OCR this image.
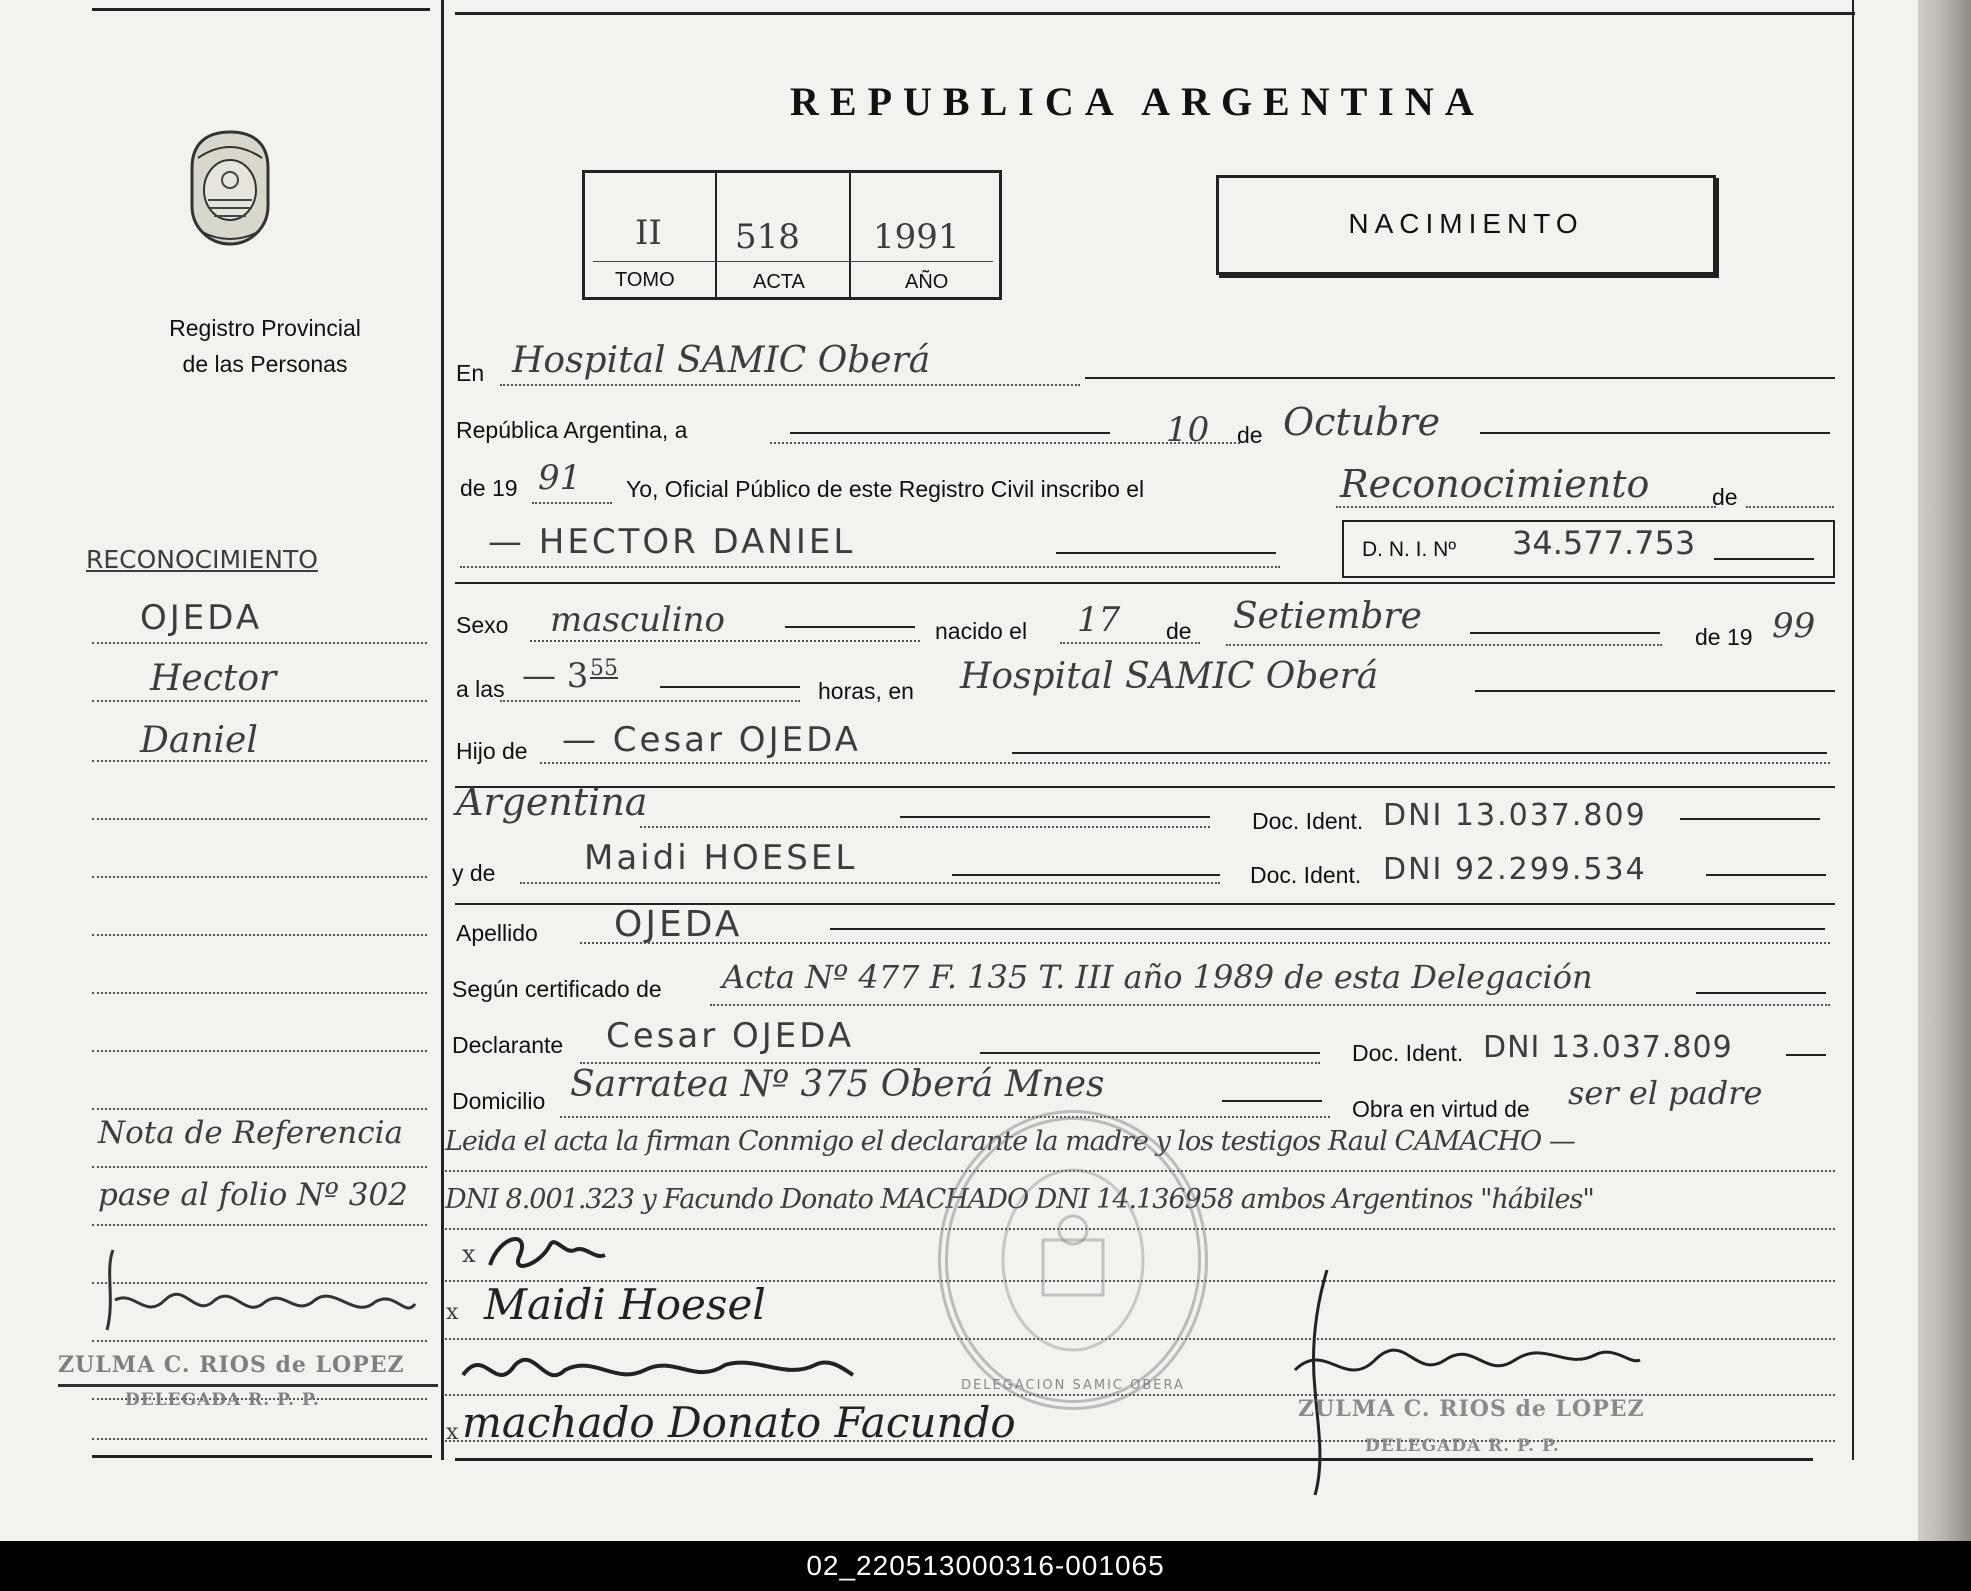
Registro Provincial
de las Personas
REPUBLICA ARGENTINA
II 518 1991
TOMO	ACTA	AÑO
NACIMIENTO
RECONOCIMIENTO
OJEDA
Hector
Daniel
Nota de Referencia
pase al folio Nº 302
ZULMA C. RIOS de LOPEZ
DELEGADA R. P. P.
En Hospital SAMIC Oberá
República Argentina, a	10 de Octubre
de 19 91 Yo, Oficial Público de este Registro Civil inscribo el	Reconocimiento	de
— HECTOR DANIEL	D. N. I. Nº 34.577.753
Sexo masculino	nacido el 17 de Setiembre	de 19 99
a las — 3 55
horas, en Hospital SAMIC Oberá
Hijo de — Cesar OJEDA
Argentina	Doc. Ident. DNI 13.037.809
y de	Maidi HOESEL	Doc. Ident. DNI 92.299.534
Apellido OJEDA
Según certificado de Acta Nº 477 F. 135 T. III año 1989 de esta Delegación
Declarante Cesar OJEDA	Doc. Ident. DNI 13.037.809
Domicilio Sarratea Nº 375 Oberá Mnes
Obra en virtud de ser el padre
Leida el acta la firman Conmigo el declarante la madre y los testigos Raul CAMACHO —
DNI 8.001.323 y Facundo Donato MACHADO DNI 14.136958 ambos Argentinos "hábiles"
DELEGACION SAMIC OBERA
x
x Maidi Hoesel
x machado Donato Facundo	ZULMA C. RIOS de LOPEZ
DELEGADA R. P. P.
02_220513000316-001065
